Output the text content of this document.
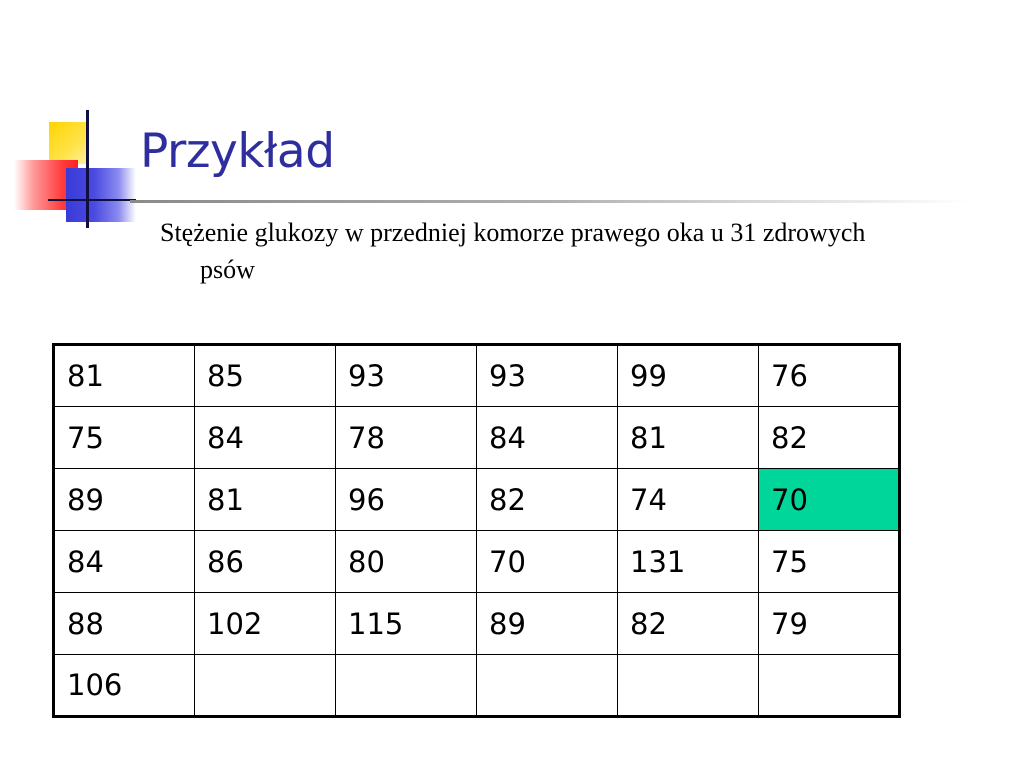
Przykład

Stężenie glukozy w przedniej komorze prawego oka u 31 zdrowych psów

81	85	93	93	99	76
75	84	78	84	81	82
89	81	96	82	74	70
84	86	80	70	131	75
88	102	115	89	82	79
106					
